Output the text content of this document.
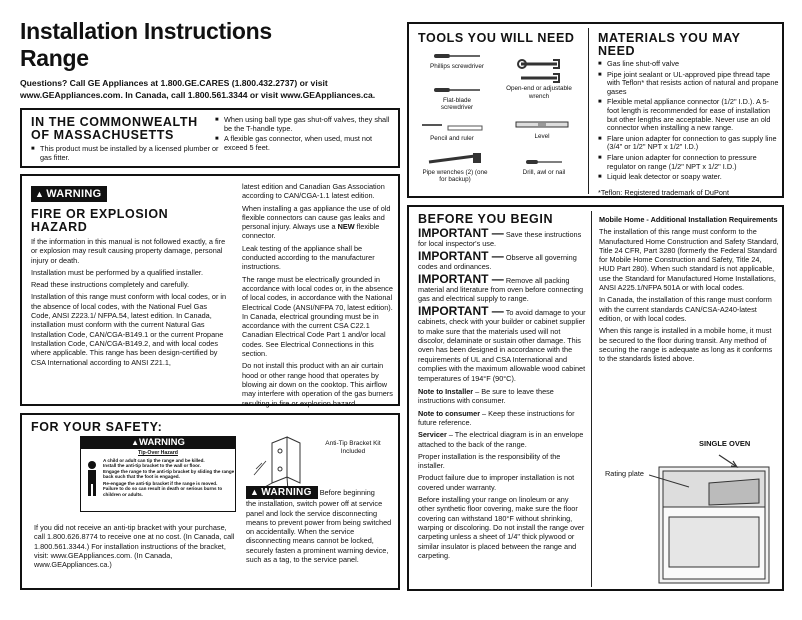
Installation Instructions
Range
Questions? Call GE Appliances at 1.800.GE.CARES (1.800.432.2737) or visit www.GEAppliances.com. In Canada, call 1.800.561.3344 or visit www.GEAppliances.ca.
IN THE COMMONWEALTH
OF MASSACHUSETTS
■ This product must be installed by a licensed plumber or gas fitter.
■ When using ball type gas shut-off valves, they shall be the T-handle type.
■ A flexible gas connector, when used, must not exceed 5 feet.
▲ WARNING
FIRE OR EXPLOSION
HAZARD
If the information in this manual is not followed exactly, a fire or explosion may result causing property damage, personal injury or death.
Installation must be performed by a qualified installer.
Read these instructions completely and carefully.
Installation of this range must conform with local codes, or in the absence of local codes, with the National Fuel Gas Code, ANSI Z223.1/ NFPA.54, latest edition. In Canada, installation must conform with the current Natural Gas Installation Code, CAN/CGA-B149.1 or the current Propane Installation Code, CAN/CGA-B149.2, and with local codes where applicable. This range has been design-certified by CSA International according to ANSI Z21.1,
latest edition and Canadian Gas Association according to CAN/CGA-1.1 latest edition.
When installing a gas appliance the use of old flexible connectors can cause gas leaks and personal injury. Always use a NEW flexible connector.
Leak testing of the appliance shall be conducted according to the manufacturer instructions.
The range must be electrically grounded in accordance with local codes or, in the absence of local codes, in accordance with the National Electrical Code (ANSI/NFPA 70, latest edition). In Canada, electrical grounding must be in accordance with the current CSA C22.1 Canadian Electrical Code Part 1 and/or local codes. See Electrical Connections in this section.
Do not install this product with an air curtain hood or other range hood that operates by blowing air down on the cooktop. This airflow may interfere with operation of the gas burners resulting in fire or explosion hazard.
FOR YOUR SAFETY:
▲WARNING
Tip-Over Hazard
A child or adult can tip the range and be killed.
Install the anti-tip bracket to the wall or floor.
Engage the range to the anti-tip bracket by sliding the range back such that the foot is engaged.
Re-engage the anti-tip bracket if the range is moved.
Failure to do so can result in death or serious burns to children or adults.
Anti-Tip Bracket Kit Included
If you did not receive an anti-tip bracket with your purchase, call 1.800.626.8774 to receive one at no cost. (In Canada, call 1.800.561.3344.) For installation instructions of the bracket, visit: www.GEAppliances.com. (In Canada, www.GEAppliances.ca.)
▲ WARNING Before beginning
the installation, switch power off at service panel and lock the service disconnecting means to prevent power from being switched on accidentally. When the service disconnecting means cannot be locked, securely fasten a prominent warning device, such as a tag, to the service panel.
TOOLS YOU WILL NEED
Phillips screwdriver

Open-end or adjustable wrench
Flat-blade screwdriver
Pencil and ruler	Level
Pipe wrenches (2) (one for backup)
Drill, awl or nail
MATERIALS YOU MAY NEED
■ Gas line shut-off valve
■ Pipe joint sealant or UL-approved pipe thread tape with Teflon* that resists action of natural and propane gases
■ Flexible metal appliance connector (1/2" I.D.). A 5-foot length is recommended for ease of installation but other lengths are acceptable. Never use an old connector when installing a new range.
■ Flare union adapter for connection to gas supply line (3/4" or 1/2" NPT x 1/2" I.D.)
■ Flare union adapter for connection to pressure regulator on range (1/2" NPT x 1/2" I.D.)
■ Liquid leak detector or soapy water.
*Teflon: Registered trademark of DuPont
BEFORE YOU BEGIN
IMPORTANT — Save these instructions for local inspector's use.
IMPORTANT — Observe all governing codes and ordinances.
IMPORTANT — Remove all packing material and literature from oven before connecting gas and electrical supply to range.
IMPORTANT — To avoid damage to your cabinets, check with your builder or cabinet supplier to make sure that the materials used will not discolor, delaminate or sustain other damage. This oven has been designed in accordance with the requirements of UL and CSA International and complies with the maximum allowable wood cabinet temperatures of 194°F (90°C).
Note to Installer – Be sure to leave these instructions with consumer.
Note to consumer – Keep these instructions for future reference.
Servicer – The electrical diagram is in an envelope attached to the back of the range.
Proper installation is the responsibility of the installer.
Product failure due to improper installation is not covered under warranty.
Before installing your range on linoleum or any other synthetic floor covering, make sure the floor covering can withstand 180°F without shrinking, warping or discoloring. Do not install the range over carpeting unless a sheet of 1/4" thick plywood or similar insulator is placed between the range and carpeting.
Mobile Home - Additional Installation Requirements
The installation of this range must conform to the Manufactured Home Construction and Safety Standard, Title 24 CFR, Part 3280 (formerly the Federal Standard for Mobile Home Construction and Safety, Title 24, HUD Part 280). When such standard is not applicable, use the Standard for Manufactured Home Installations, ANSI A225.1/NFPA 501A or with local codes.
In Canada, the installation of this range must conform with the current standards CAN/CSA-A240-latest edition, or with local codes.
When this range is installed in a mobile home, it must be secured to the floor during transit. Any method of securing the range is adequate as long as it conforms to the standards listed above.
SINGLE OVEN
Rating plate
